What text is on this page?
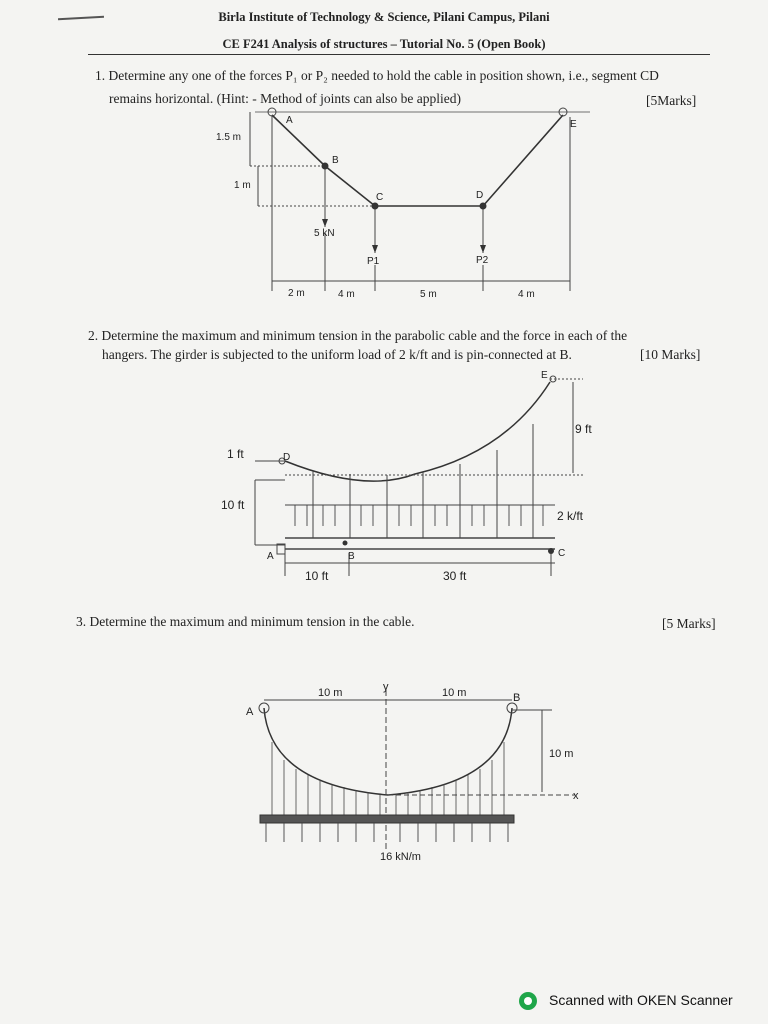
Birla Institute of Technology & Science, Pilani Campus, Pilani
CE F241 Analysis of structures – Tutorial No. 5 (Open Book)
1. Determine any one of the forces P₁ or P₂ needed to hold the cable in position shown, i.e., segment CD
remains horizontal. (Hint: - Method of joints can also be applied)	[5Marks]
A
B
C	D
E
1.5 m
1 m
5 kN
P1	P2
2 m	4 m	5 m	4 m
2. Determine the maximum and minimum tension in the parabolic cable and the force in each of the
hangers. The girder is subjected to the uniform load of 2 k/ft and is pin-connected at B.	[10 Marks]
E
D
A	B	C
9 ft
1 ft
10 ft
2 k/ft
10 ft	30 ft
3. Determine the maximum and minimum tension in the cable.	[5 Marks]
A
B
y
x
10 m	10 m
10 m
16 kN/m
Scanned with OKEN Scanner
